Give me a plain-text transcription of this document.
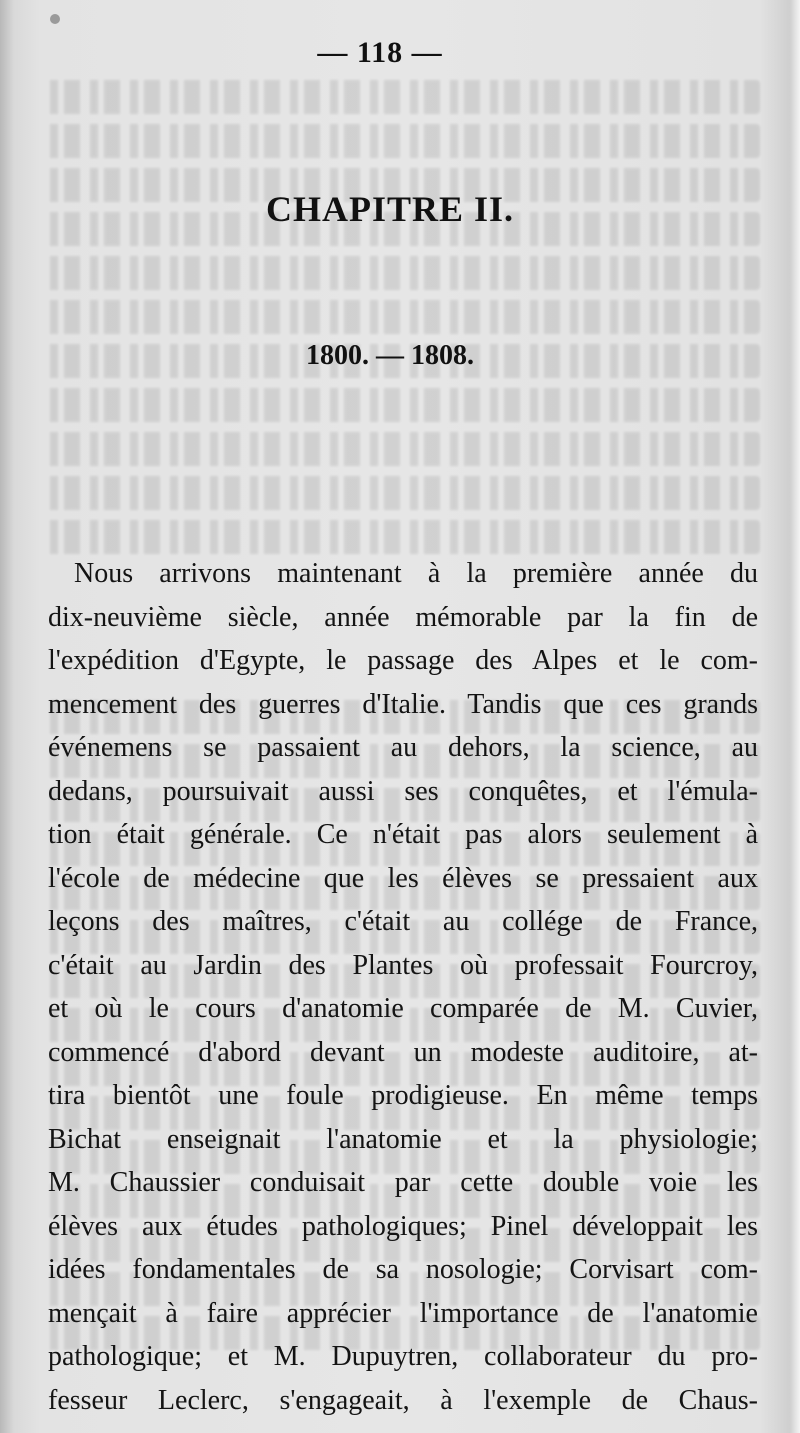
— 118 —
CHAPITRE II.
1800. — 1808.
Nous arrivons maintenant à la première année du
dix-neuvième siècle, année mémorable par la fin de
l'expédition d'Egypte, le passage des Alpes et le com-
mencement des guerres d'Italie. Tandis que ces grands
événemens se passaient au dehors, la science, au
dedans, poursuivait aussi ses conquêtes, et l'émula-
tion était générale. Ce n'était pas alors seulement à
l'école de médecine que les élèves se pressaient aux
leçons des maîtres, c'était au collége de France,
c'était au Jardin des Plantes où professait Fourcroy,
et où le cours d'anatomie comparée de M. Cuvier,
commencé d'abord devant un modeste auditoire, at-
tira bientôt une foule prodigieuse. En même temps
Bichat enseignait l'anatomie et la physiologie;
M. Chaussier conduisait par cette double voie les
élèves aux études pathologiques; Pinel développait les
idées fondamentales de sa nosologie; Corvisart com-
mençait à faire apprécier l'importance de l'anatomie
pathologique; et M. Dupuytren, collaborateur du pro-
fesseur Leclerc, s'engageait, à l'exemple de Chaus-
